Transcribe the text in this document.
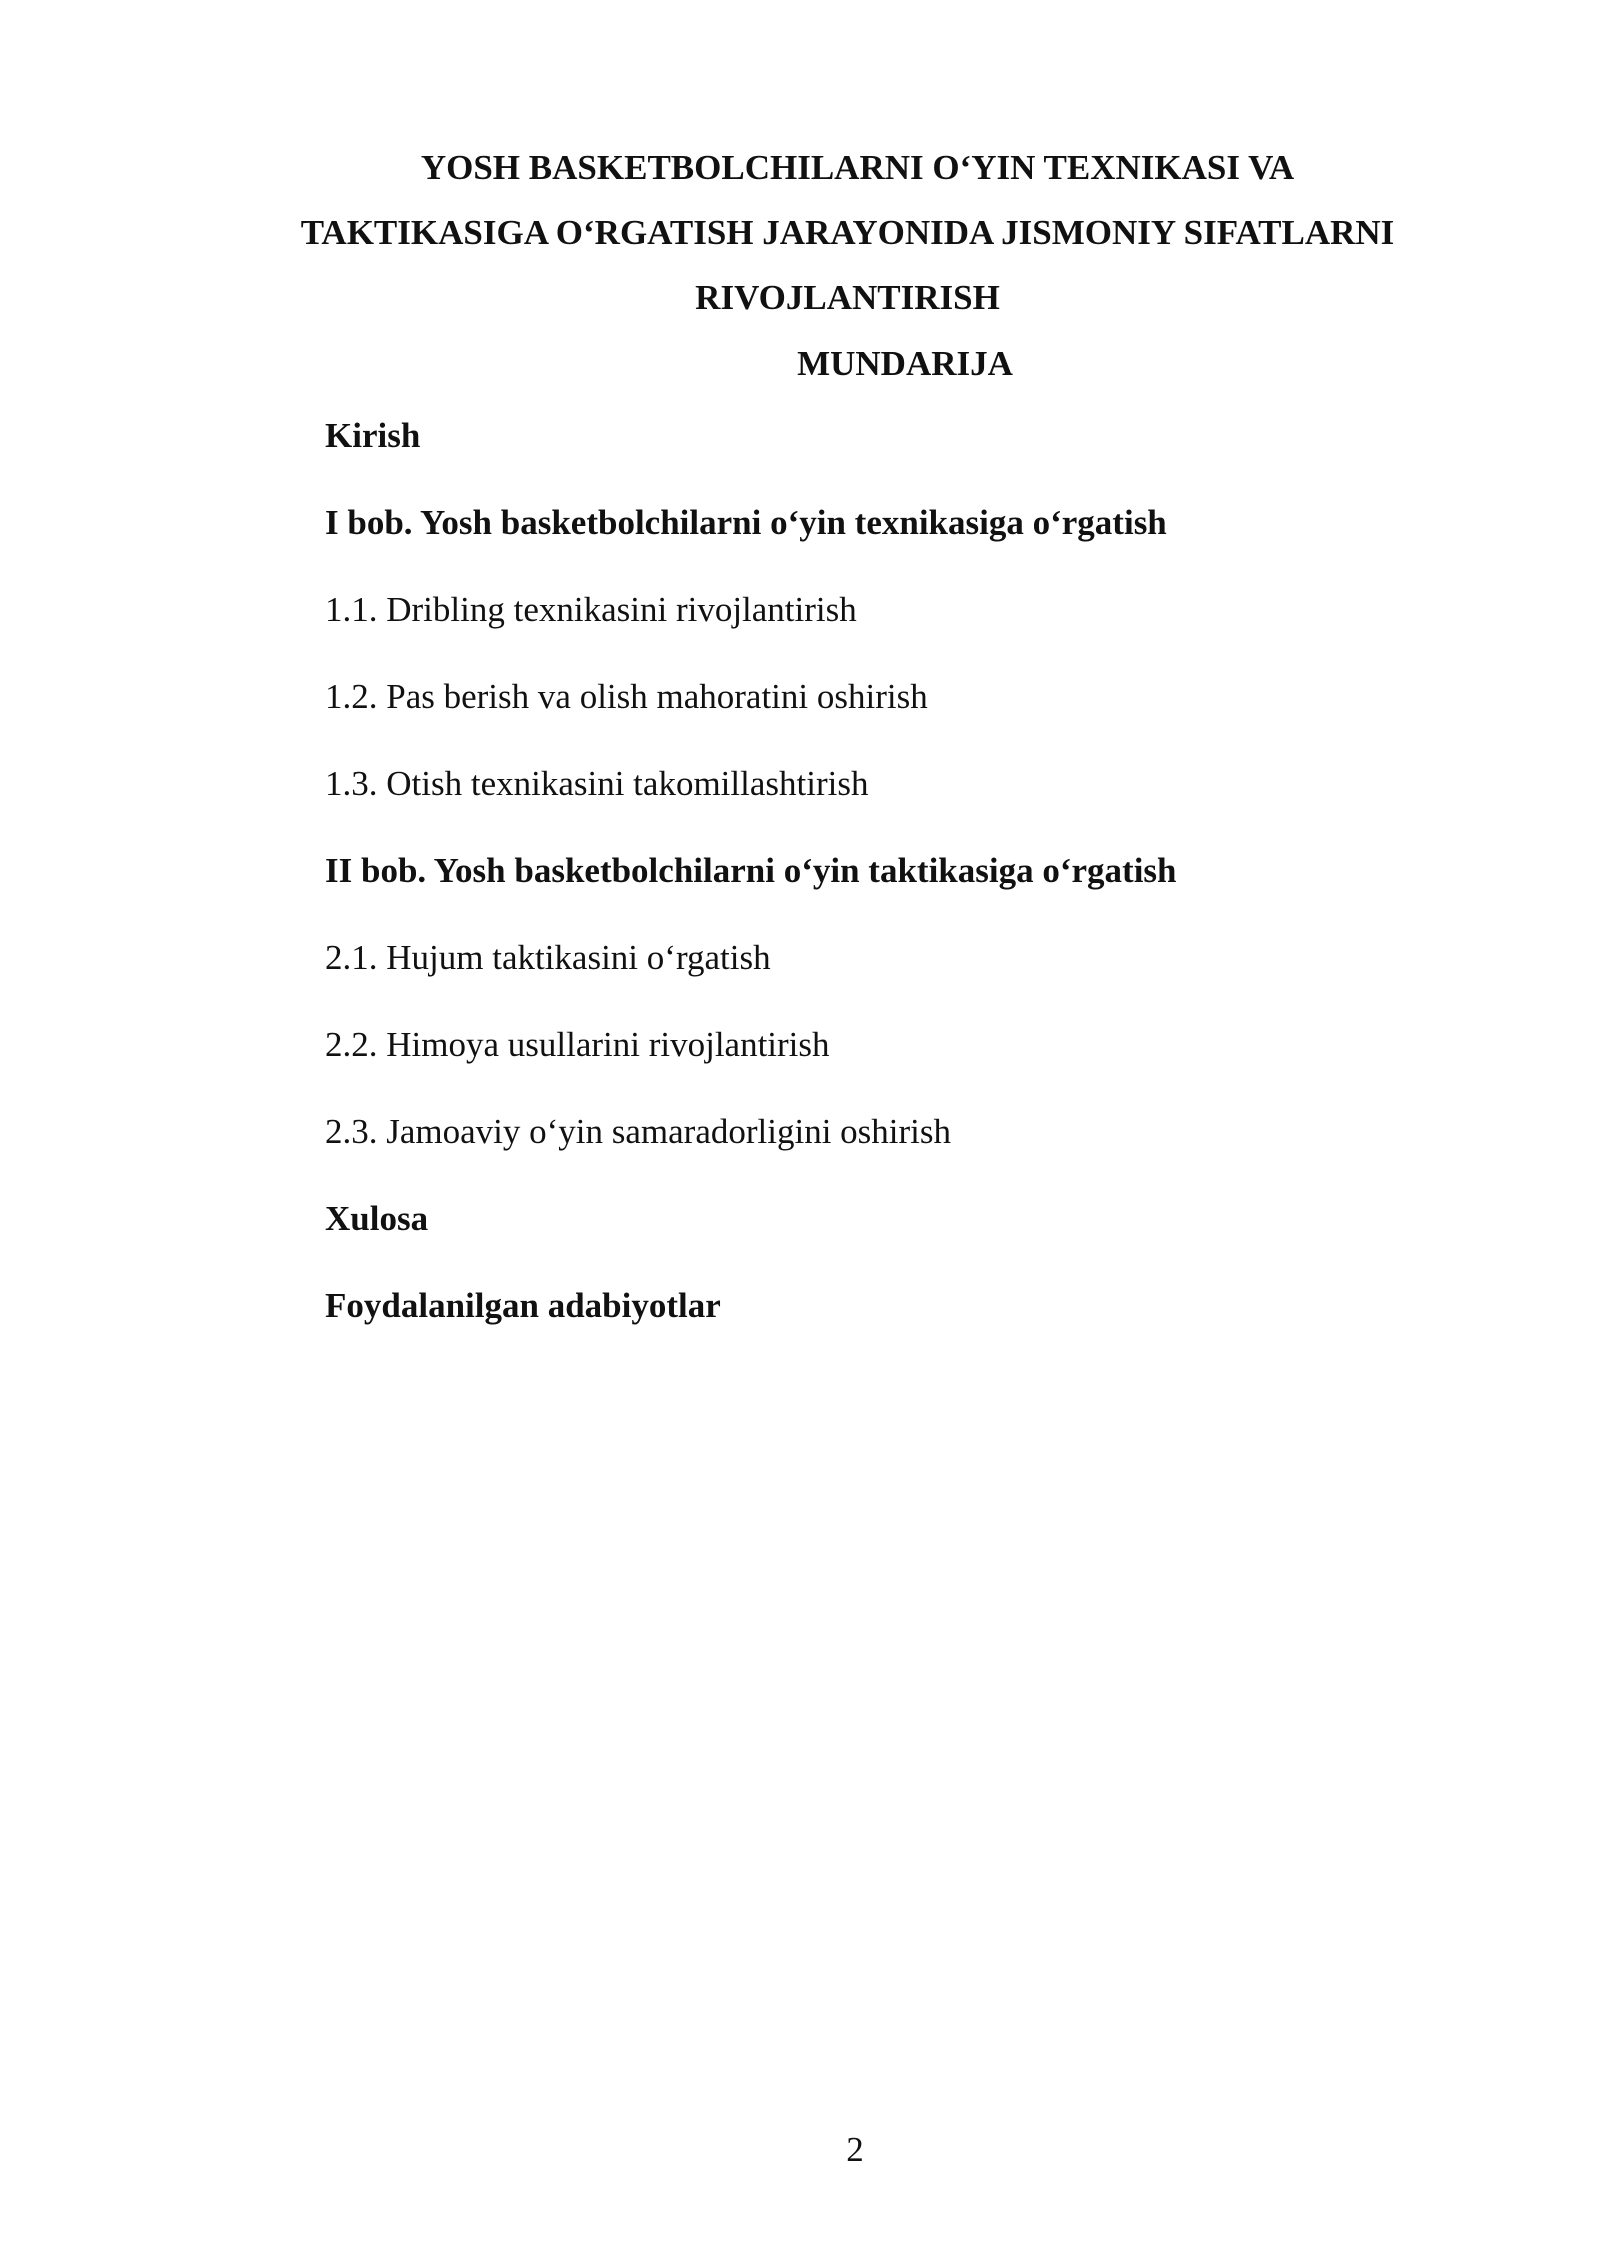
YOSH BASKETBOLCHILARNI O‘YIN TEXNIKASI VA
TAKTIKASIGA O‘RGATISH JARAYONIDA JISMONIY SIFATLARNI
RIVOJLANTIRISH
MUNDARIJA
Kirish
I bob. Yosh basketbolchilarni o‘yin texnikasiga o‘rgatish
1.1. Dribling texnikasini rivojlantirish
1.2. Pas berish va olish mahoratini oshirish
1.3. Otish texnikasini takomillashtirish
II bob. Yosh basketbolchilarni o‘yin taktikasiga o‘rgatish
2.1. Hujum taktikasini o‘rgatish
2.2. Himoya usullarini rivojlantirish
2.3. Jamoaviy o‘yin samaradorligini oshirish
Xulosa
Foydalanilgan adabiyotlar
2
